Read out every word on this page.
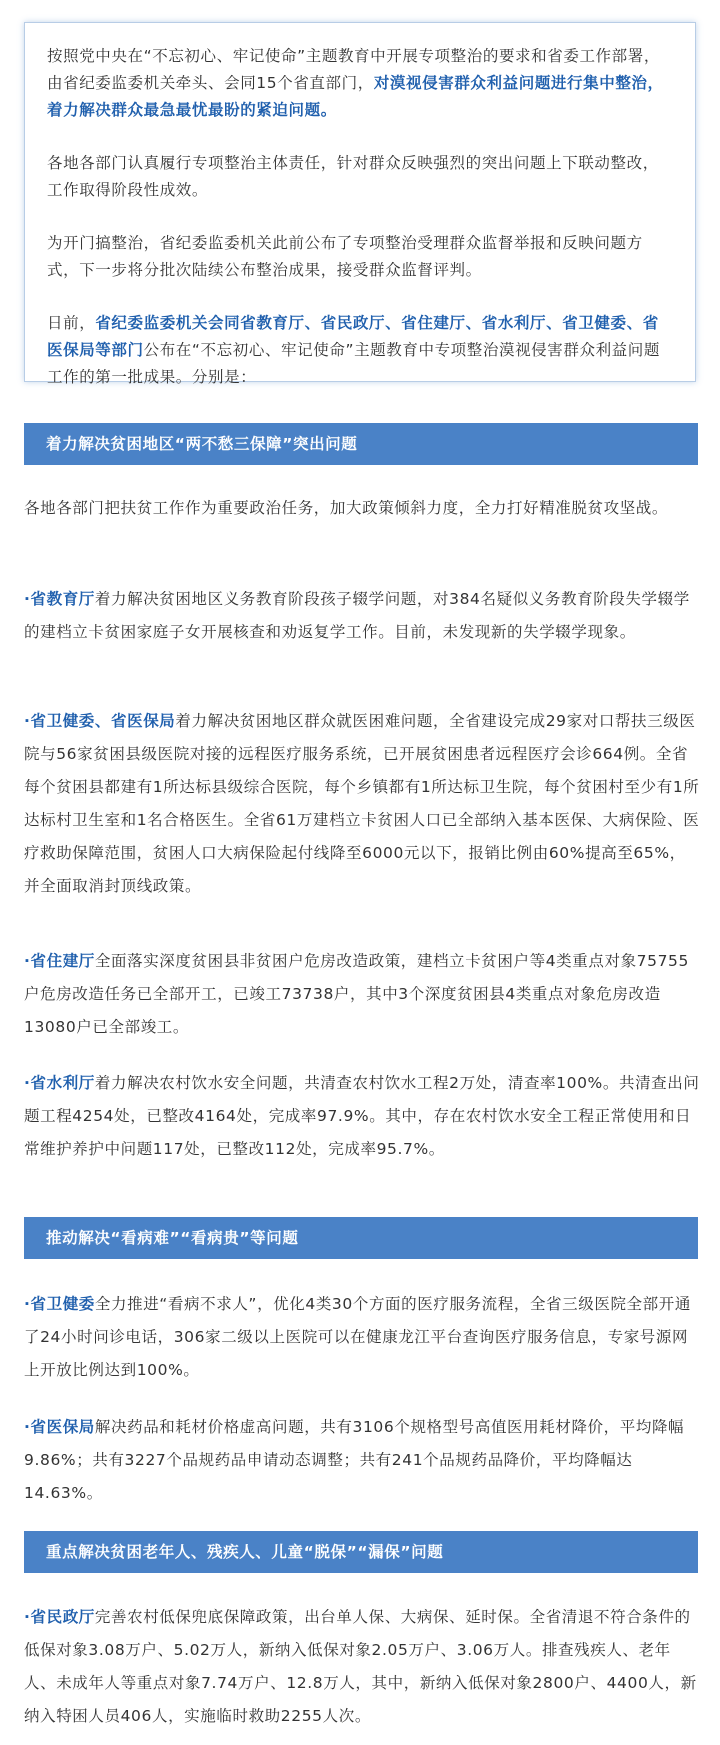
按照党中央在“不忘初心、牢记使命”主题教育中开展专项整治的要求和省委工作部署，由省纪委监委机关牵头、会同15个省直部门，对漠视侵害群众利益问题进行集中整治，着力解决群众最急最忧最盼的紧迫问题。

各地各部门认真履行专项整治主体责任，针对群众反映强烈的突出问题上下联动整改，工作取得阶段性成效。

为开门搞整治，省纪委监委机关此前公布了专项整治受理群众监督举报和反映问题方式，下一步将分批次陆续公布整治成果，接受群众监督评判。

日前，省纪委监委机关会同省教育厅、省民政厅、省住建厅、省水利厅、省卫健委、省医保局等部门公布在“不忘初心、牢记使命”主题教育中专项整治漠视侵害群众利益问题工作的第一批成果。分别是：

着力解决贫困地区“两不愁三保障”突出问题

各地各部门把扶贫工作作为重要政治任务，加大政策倾斜力度，全力打好精准脱贫攻坚战。

·省教育厅着力解决贫困地区义务教育阶段孩子辍学问题，对384名疑似义务教育阶段失学辍学的建档立卡贫困家庭子女开展核查和劝返复学工作。目前，未发现新的失学辍学现象。

·省卫健委、省医保局着力解决贫困地区群众就医困难问题，全省建设完成29家对口帮扶三级医院与56家贫困县级医院对接的远程医疗服务系统，已开展贫困患者远程医疗会诊664例。全省每个贫困县都建有1所达标县级综合医院，每个乡镇都有1所达标卫生院，每个贫困村至少有1所达标村卫生室和1名合格医生。全省61万建档立卡贫困人口已全部纳入基本医保、大病保险、医疗救助保障范围，贫困人口大病保险起付线降至6000元以下，报销比例由60%提高至65%，并全面取消封顶线政策。

·省住建厅全面落实深度贫困县非贫困户危房改造政策，建档立卡贫困户等4类重点对象75755户危房改造任务已全部开工，已竣工73738户，其中3个深度贫困县4类重点对象危房改造13080户已全部竣工。

·省水利厅着力解决农村饮水安全问题，共清查农村饮水工程2万处，清查率100%。共清查出问题工程4254处，已整改4164处，完成率97.9%。其中，存在农村饮水安全工程正常使用和日常维护养护中问题117处，已整改112处，完成率95.7%。

推动解决“看病难”“看病贵”等问题

·省卫健委全力推进“看病不求人”，优化4类30个方面的医疗服务流程，全省三级医院全部开通了24小时问诊电话，306家二级以上医院可以在健康龙江平台查询医疗服务信息，专家号源网上开放比例达到100%。

·省医保局解决药品和耗材价格虚高问题，共有3106个规格型号高值医用耗材降价，平均降幅9.86%；共有3227个品规药品申请动态调整；共有241个品规药品降价，平均降幅达14.63%。

重点解决贫困老年人、残疾人、儿童“脱保”“漏保”问题

·省民政厅完善农村低保兜底保障政策，出台单人保、大病保、延时保。全省清退不符合条件的低保对象3.08万户、5.02万人，新纳入低保对象2.05万户、3.06万人。排查残疾人、老年人、未成年人等重点对象7.74万户、12.8万人，其中，新纳入低保对象2800户、4400人，新纳入特困人员406人，实施临时救助2255人次。
